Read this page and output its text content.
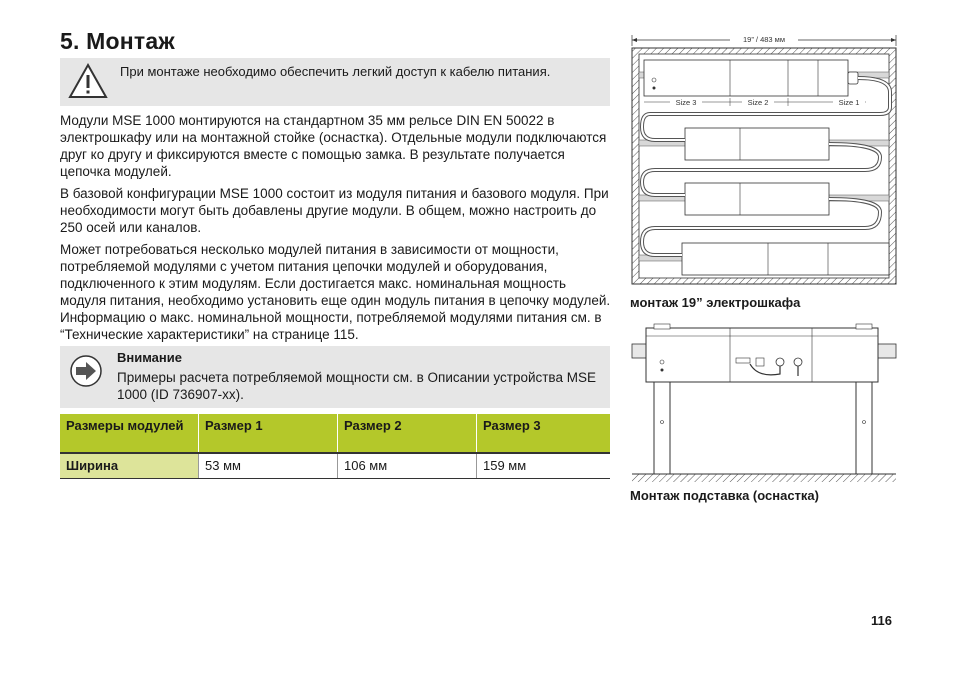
5. Монтаж
При монтаже необходимо обеспечить легкий доступ к кабелю питания.

Модули MSE 1000 монтируются на стандартном 35 мм рельсе DIN EN 50022 в электрошкафу или на монтажной стойке (оснастка). Отдельные модули подключаются друг ко другу и фиксируются вместе с помощью замка. В результате получается цепочка модулей.

В базовой конфигурации MSE 1000 состоит из модуля питания и базового модуля. При необходимости могут быть добавлены другие модули. В общем, можно настроить до 250 осей или каналов.

Может потребоваться несколько модулей питания в зависимости от мощности, потребляемой модулями с учетом питания цепочки модулей и оборудования, подключенного к этим модулям. Если достигается макс. номинальная мощность модуля питания, необходимо установить еще один модуль питания в цепочку модулей. Информацию о макс. номинальной мощности, потребляемой модулями питания см. в “Технические характеристики” на странице 115.

Внимание
Примеры расчета потребляемой мощности см. в Описании устройства MSE 1000 (ID 736907-xx).
Размеры модулей	Размер 1	Размер 2	Размер 3
Ширина	53 мм	106 мм	159 мм
19” / 483 мм
Size 3	Size 2	Size 1
монтаж 19” электрошкафа
Монтаж подставка (оснастка)
116
